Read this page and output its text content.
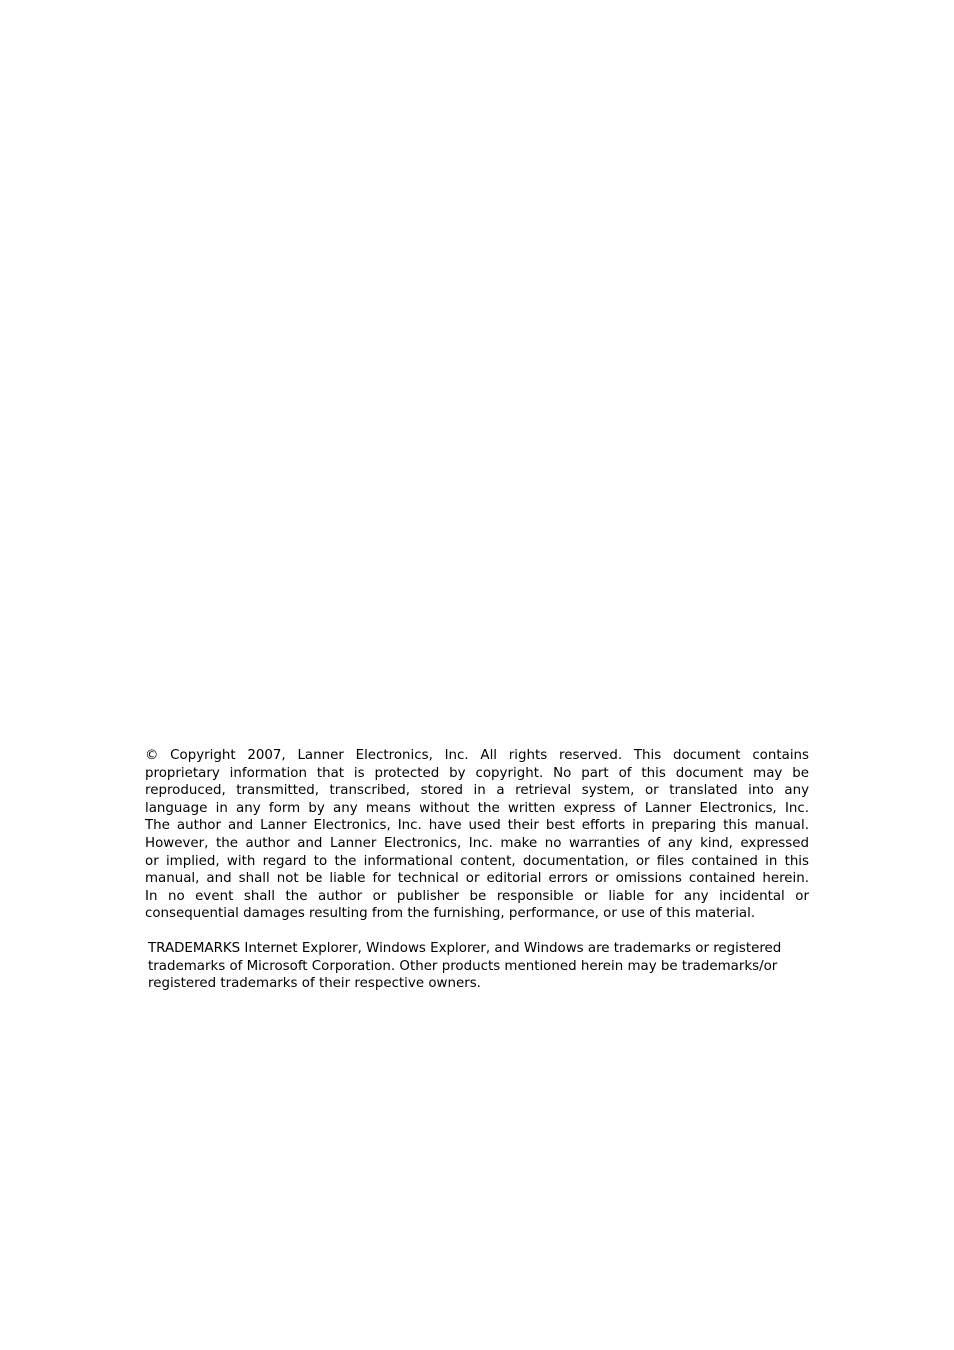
© Copyright 2007, Lanner Electronics, Inc. All rights reserved. This document contains
proprietary information that is protected by copyright. No part of this document may be
reproduced, transmitted, transcribed, stored in a retrieval system, or translated into any
language in any form by any means without the written express of Lanner Electronics, Inc.
The author and Lanner Electronics, Inc. have used their best efforts in preparing this manual.
However, the author and Lanner Electronics, Inc. make no warranties of any kind, expressed
or implied, with regard to the informational content, documentation, or files contained in this
manual, and shall not be liable for technical or editorial errors or omissions contained herein.
In no event shall the author or publisher be responsible or liable for any incidental or
consequential damages resulting from the furnishing, performance, or use of this material.
TRADEMARKS Internet Explorer, Windows Explorer, and Windows are trademarks or registered
trademarks of Microsoft Corporation. Other products mentioned herein may be trademarks/or
registered trademarks of their respective owners.
